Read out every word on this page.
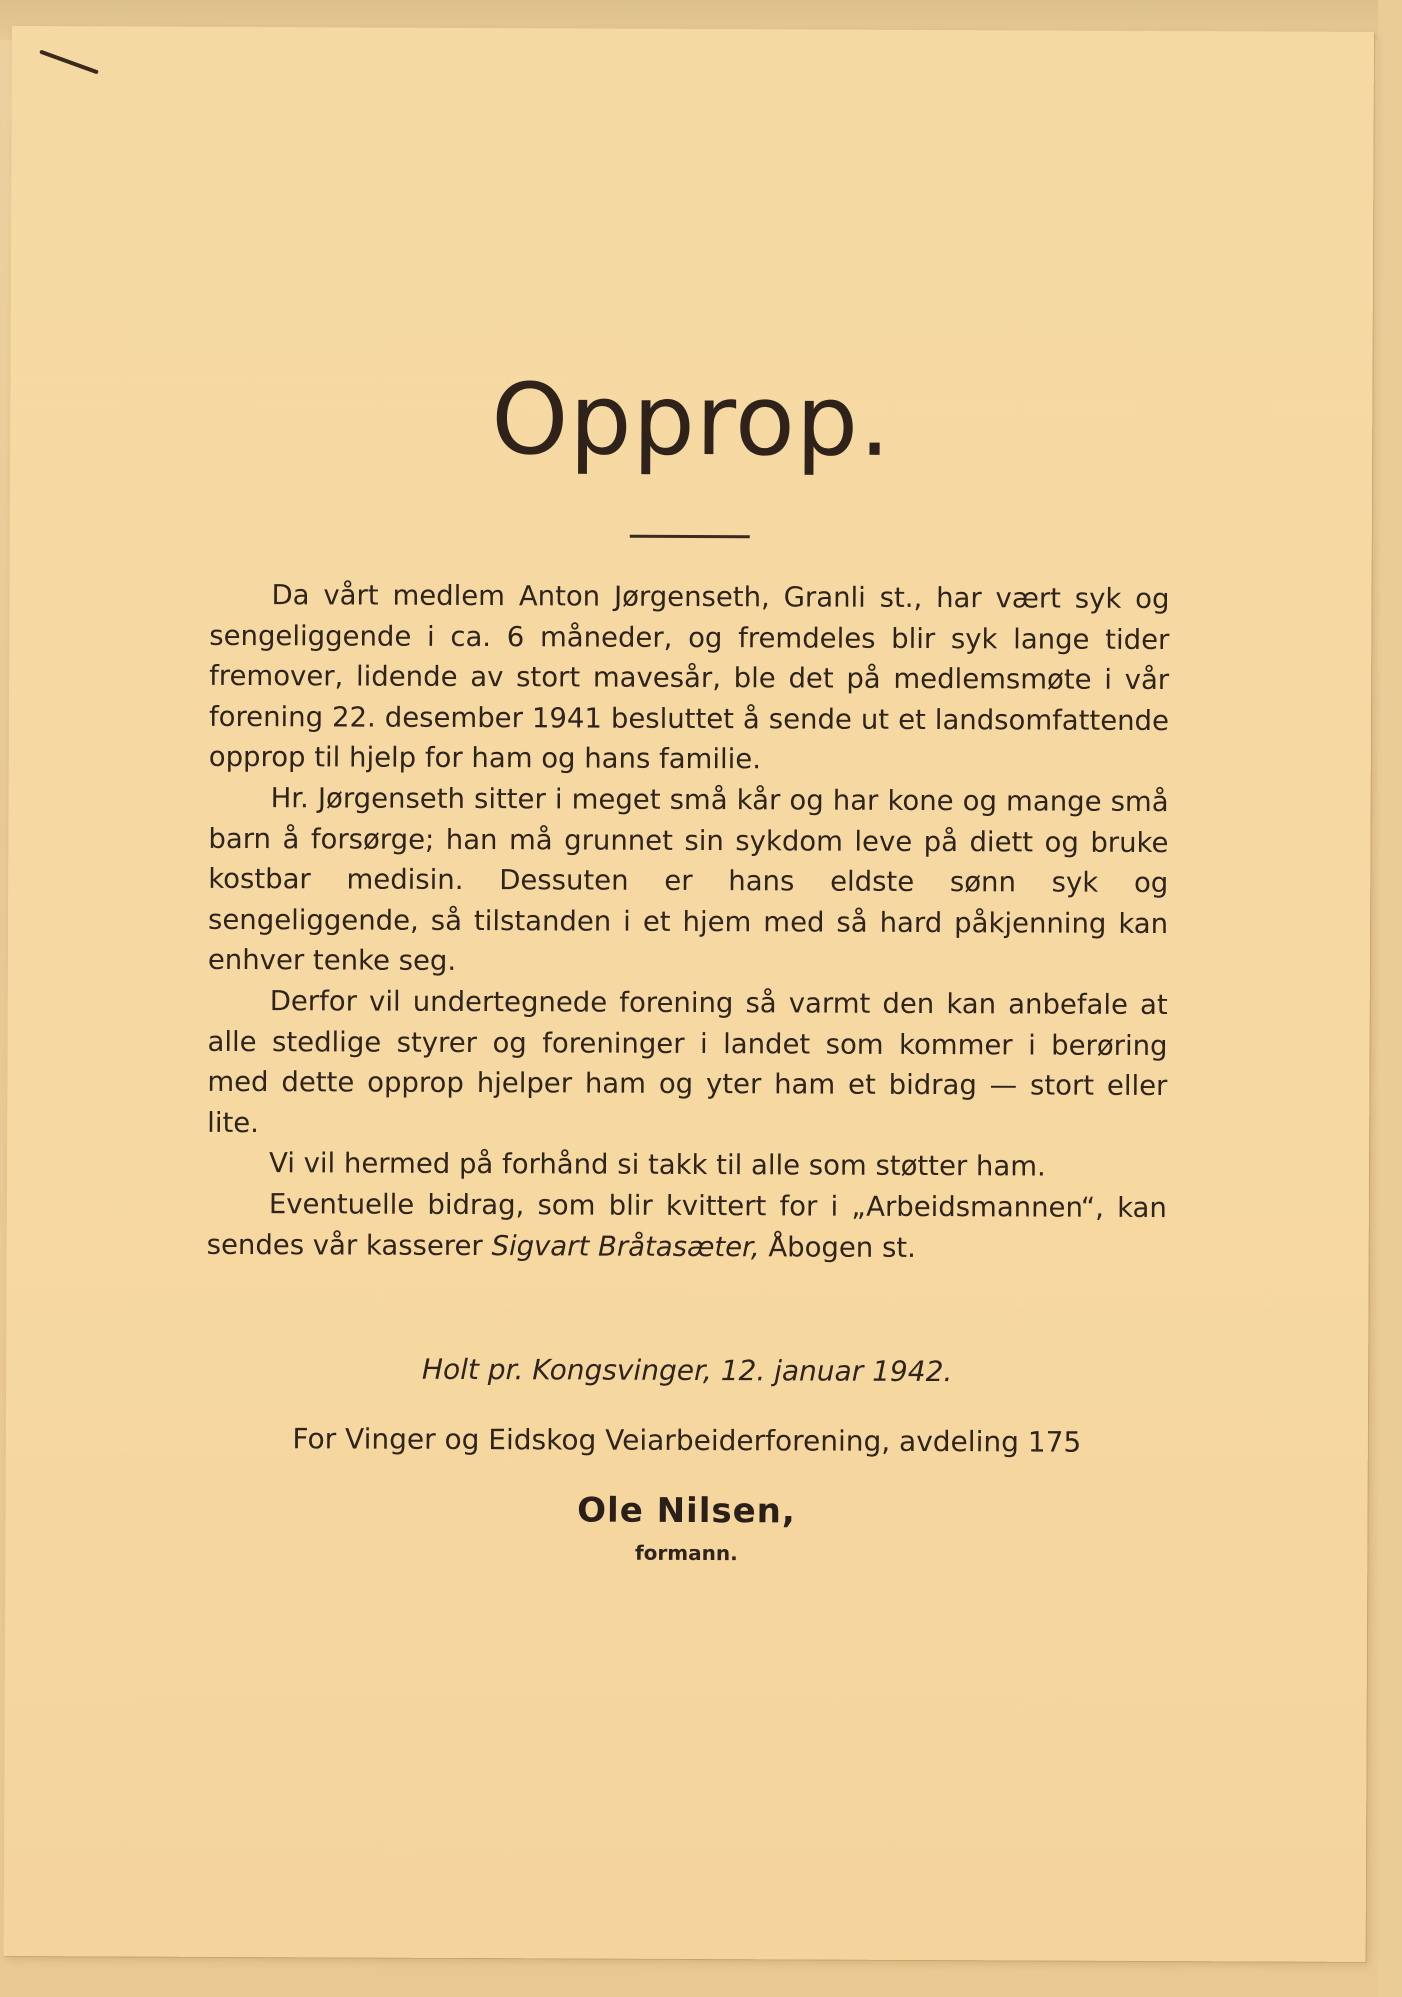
Opprop.

Da vårt medlem Anton Jørgenseth, Granli st., har vært syk og sengeliggende i ca. 6 måneder, og fremdeles blir syk lange tider fremover, lidende av stort mavesår, ble det på medlemsmøte i vår forening 22. desember 1941 besluttet å sende ut et landsomfattende opprop til hjelp for ham og hans familie.

Hr. Jørgenseth sitter i meget små kår og har kone og mange små barn å forsørge; han må grunnet sin sykdom leve på diett og bruke kostbar medisin. Dessuten er hans eldste sønn syk og sengeliggende, så tilstanden i et hjem med så hard påkjenning kan enhver tenke seg.

Derfor vil undertegnede forening så varmt den kan anbefale at alle stedlige styrer og foreninger i landet som kommer i berøring med dette opprop hjelper ham og yter ham et bidrag — stort eller lite.

Vi vil hermed på forhånd si takk til alle som støtter ham.

Eventuelle bidrag, som blir kvittert for i „Arbeidsmannen“, kan sendes vår kasserer Sigvart Bråtasæter, Åbogen st.

Holt pr. Kongsvinger, 12. januar 1942.
For Vinger og Eidskog Veiarbeiderforening, avdeling 175
Ole Nilsen,
formann.
